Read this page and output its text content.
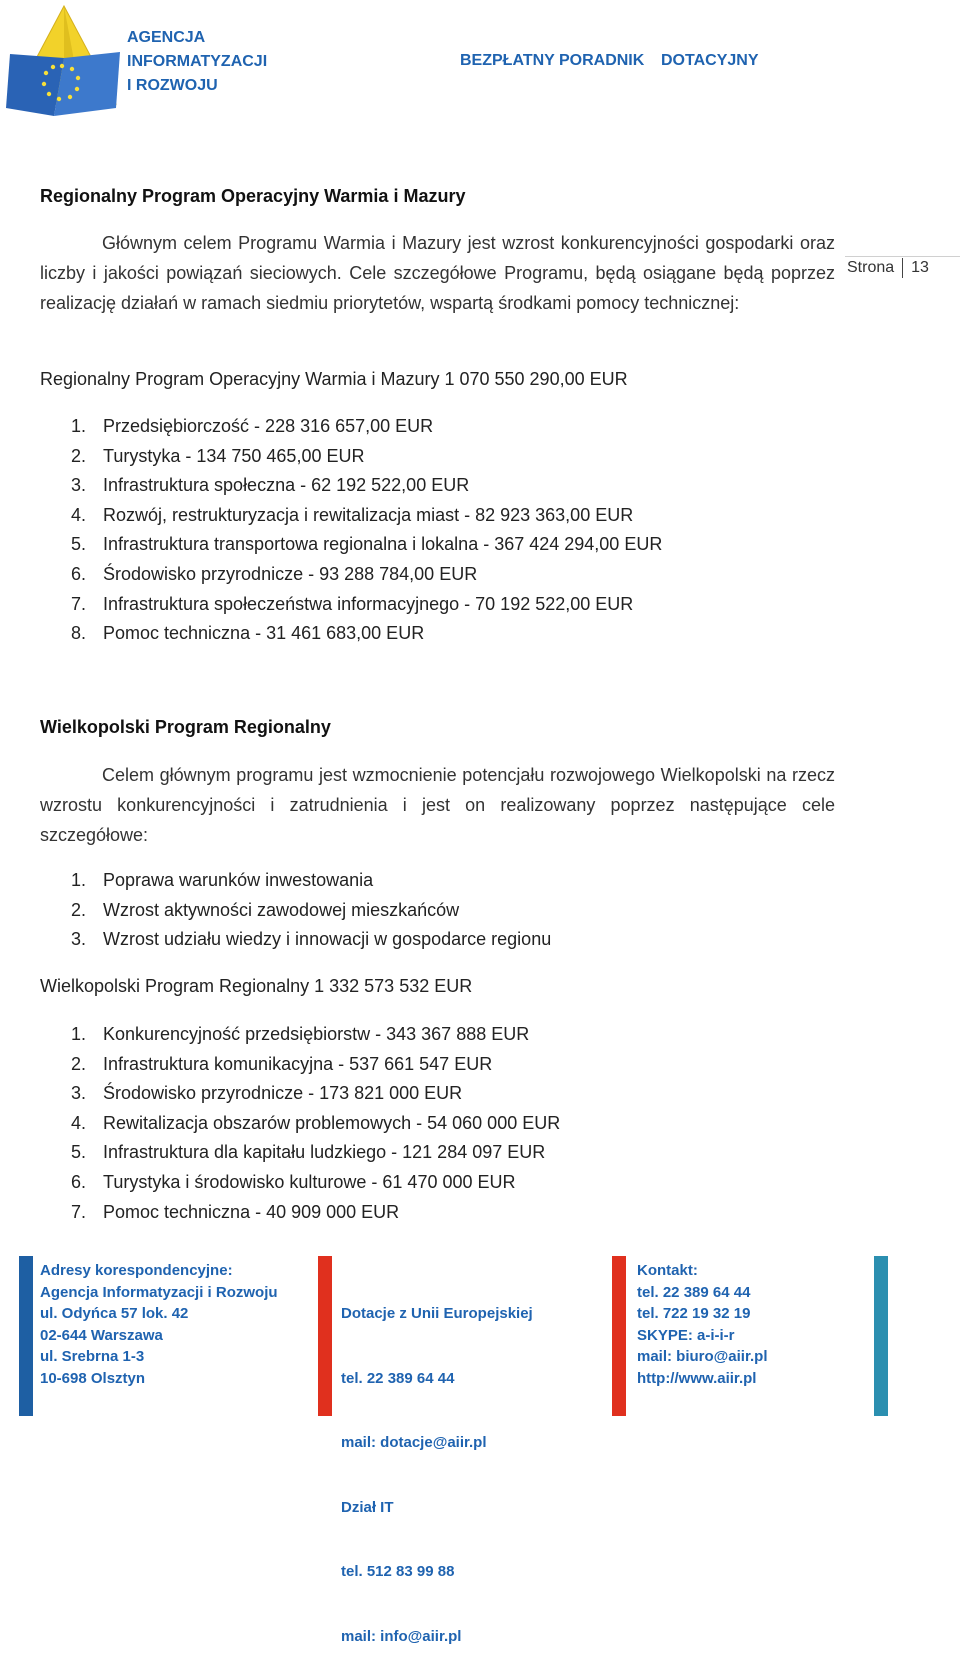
AGENCJA
INFORMATYZACJI
I ROZWOJU
BEZPŁATNY PORADNIK DOTACYJNY
Strona 13
Regionalny Program Operacyjny Warmia i Mazury
Głównym celem Programu Warmia i Mazury jest wzrost konkurencyjności gospodarki oraz liczby i jakości powiązań sieciowych. Cele szczegółowe Programu, będą osiągane będą poprzez realizację działań w ramach siedmiu priorytetów, wspartą środkami pomocy technicznej:
Regionalny Program Operacyjny Warmia i Mazury 1 070 550 290,00 EUR
1. Przedsiębiorczość - 228 316 657,00 EUR
2. Turystyka - 134 750 465,00 EUR
3. Infrastruktura społeczna - 62 192 522,00 EUR
4. Rozwój, restrukturyzacja i rewitalizacja miast - 82 923 363,00 EUR
5. Infrastruktura transportowa regionalna i lokalna - 367 424 294,00 EUR
6. Środowisko przyrodnicze - 93 288 784,00 EUR
7. Infrastruktura społeczeństwa informacyjnego - 70 192 522,00 EUR
8. Pomoc techniczna - 31 461 683,00 EUR
Wielkopolski Program Regionalny
Celem głównym programu jest wzmocnienie potencjału rozwojowego Wielkopolski na rzecz wzrostu konkurencyjności i zatrudnienia i jest on realizowany poprzez następujące cele szczegółowe:
1. Poprawa warunków inwestowania
2. Wzrost aktywności zawodowej mieszkańców
3. Wzrost udziału wiedzy i innowacji w gospodarce regionu
Wielkopolski Program Regionalny 1 332 573 532 EUR
1. Konkurencyjność przedsiębiorstw - 343 367 888 EUR
2. Infrastruktura komunikacyjna - 537 661 547 EUR
3. Środowisko przyrodnicze - 173 821 000 EUR
4. Rewitalizacja obszarów problemowych - 54 060 000 EUR
5. Infrastruktura dla kapitału ludzkiego - 121 284 097 EUR
6. Turystyka i środowisko kulturowe - 61 470 000 EUR
7. Pomoc techniczna - 40 909 000 EUR
Adresy korespondencyjne:
Agencja Informatyzacji i Rozwoju
ul. Odyńca 57 lok. 42
02-644 Warszawa
ul. Srebrna 1-3
10-698 Olsztyn

Dotacje z Unii Europejskiej

tel. 22 389 64 44

mail: dotacje@aiir.pl

Dział IT

tel. 512 83 99 88

mail: info@aiir.pl

Kontakt:
tel. 22 389 64 44
tel. 722 19 32 19
SKYPE: a-i-i-r
mail: biuro@aiir.pl
http://www.aiir.pl
